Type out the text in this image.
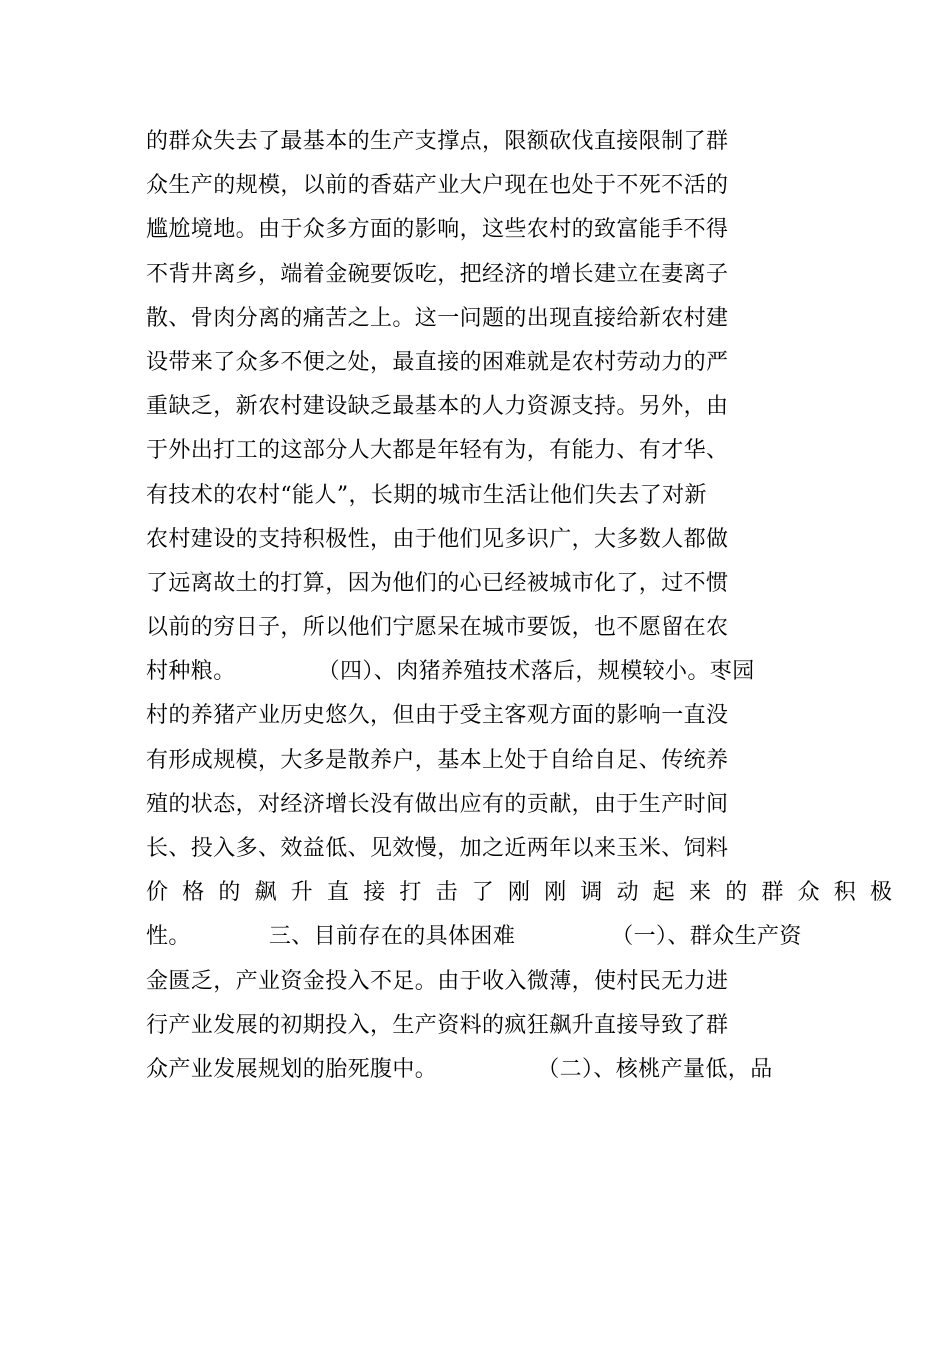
的群众失去了最基本的生产支撑点，限额砍伐直接限制了群
众生产的规模，以前的香菇产业大户现在也处于不死不活的
尴尬境地。由于众多方面的影响，这些农村的致富能手不得
不背井离乡，端着金碗要饭吃，把经济的增长建立在妻离子
散、骨肉分离的痛苦之上。这一问题的出现直接给新农村建
设带来了众多不便之处，最直接的困难就是农村劳动力的严
重缺乏，新农村建设缺乏最基本的人力资源支持。另外，由
于外出打工的这部分人大都是年轻有为，有能力、有才华、
有技术的农村“能人”，长期的城市生活让他们失去了对新
农村建设的支持积极性，由于他们见多识广，大多数人都做
了远离故土的打算，因为他们的心已经被城市化了，过不惯
以前的穷日子，所以他们宁愿呆在城市要饭，也不愿留在农
村种粮。	（四）、肉猪养殖技术落后，规模较小。枣园
村的养猪产业历史悠久，但由于受主客观方面的影响一直没
有形成规模，大多是散养户，基本上处于自给自足、传统养
殖的状态，对经济增长没有做出应有的贡献，由于生产时间
长、投入多、效益低、见效慢，加之近两年以来玉米、饲料
价格的飙升直接打击了刚刚调动起来的群众积极
性。	三、目前存在的具体困难	（一）、群众生产资
金匮乏，产业资金投入不足。由于收入微薄，使村民无力进
行产业发展的初期投入，生产资料的疯狂飙升直接导致了群
众产业发展规划的胎死腹中。	（二）、核桃产量低，品
